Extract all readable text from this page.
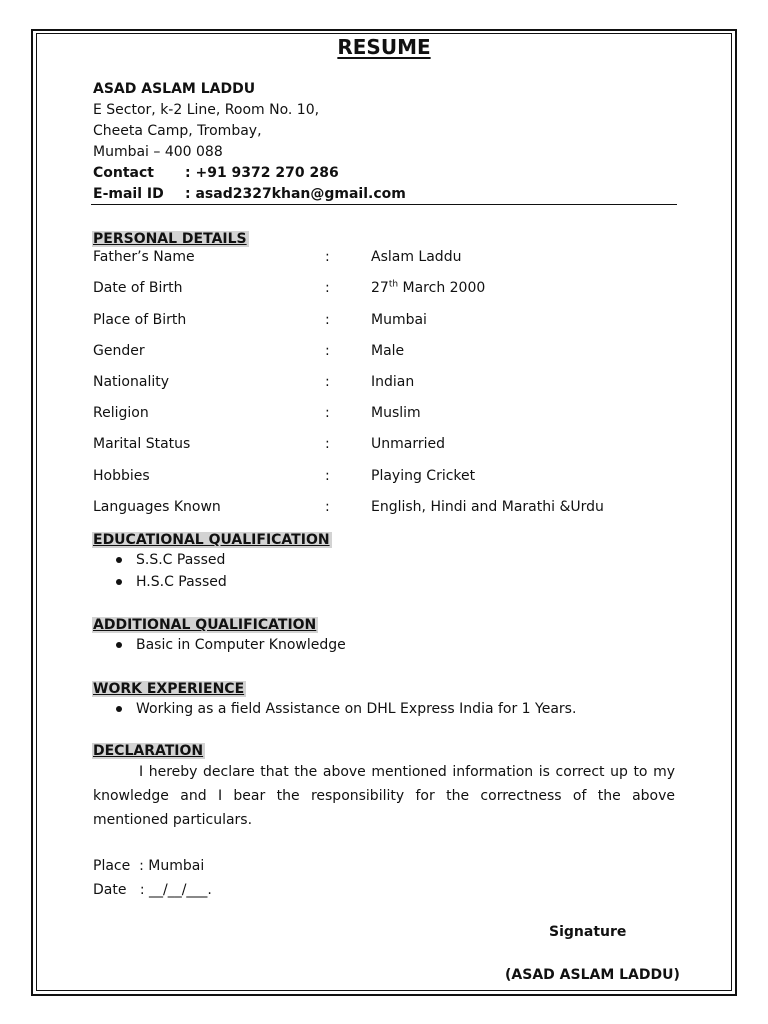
RESUME
ASAD ASLAM LADDU
E Sector, k-2 Line, Room No. 10,
Cheeta Camp, Trombay,
Mumbai – 400 088
Contact : +91 9372 270 286
E-mail ID : asad2327khan@gmail.com
PERSONAL DETAILS
Father’s Name	:	Aslam Laddu
Date of Birth	:	27th March 2000
Place of Birth	:	Mumbai
Gender	:	Male
Nationality	:	Indian
Religion	:	Muslim
Marital Status	:	Unmarried
Hobbies	:	Playing Cricket
Languages Known	:	English, Hindi and Marathi &Urdu
EDUCATIONAL QUALIFICATION
S.S.C Passed
H.S.C Passed
ADDITIONAL QUALIFICATION
Basic in Computer Knowledge
WORK EXPERIENCE
Working as a field Assistance on DHL Express India for 1 Years.
DECLARATION
I hereby declare that the above mentioned information is correct up to my knowledge and I bear the responsibility for the correctness of the above mentioned particulars.
Place  : Mumbai
Date   : __/__/___.
Signature
(ASAD ASLAM LADDU)
